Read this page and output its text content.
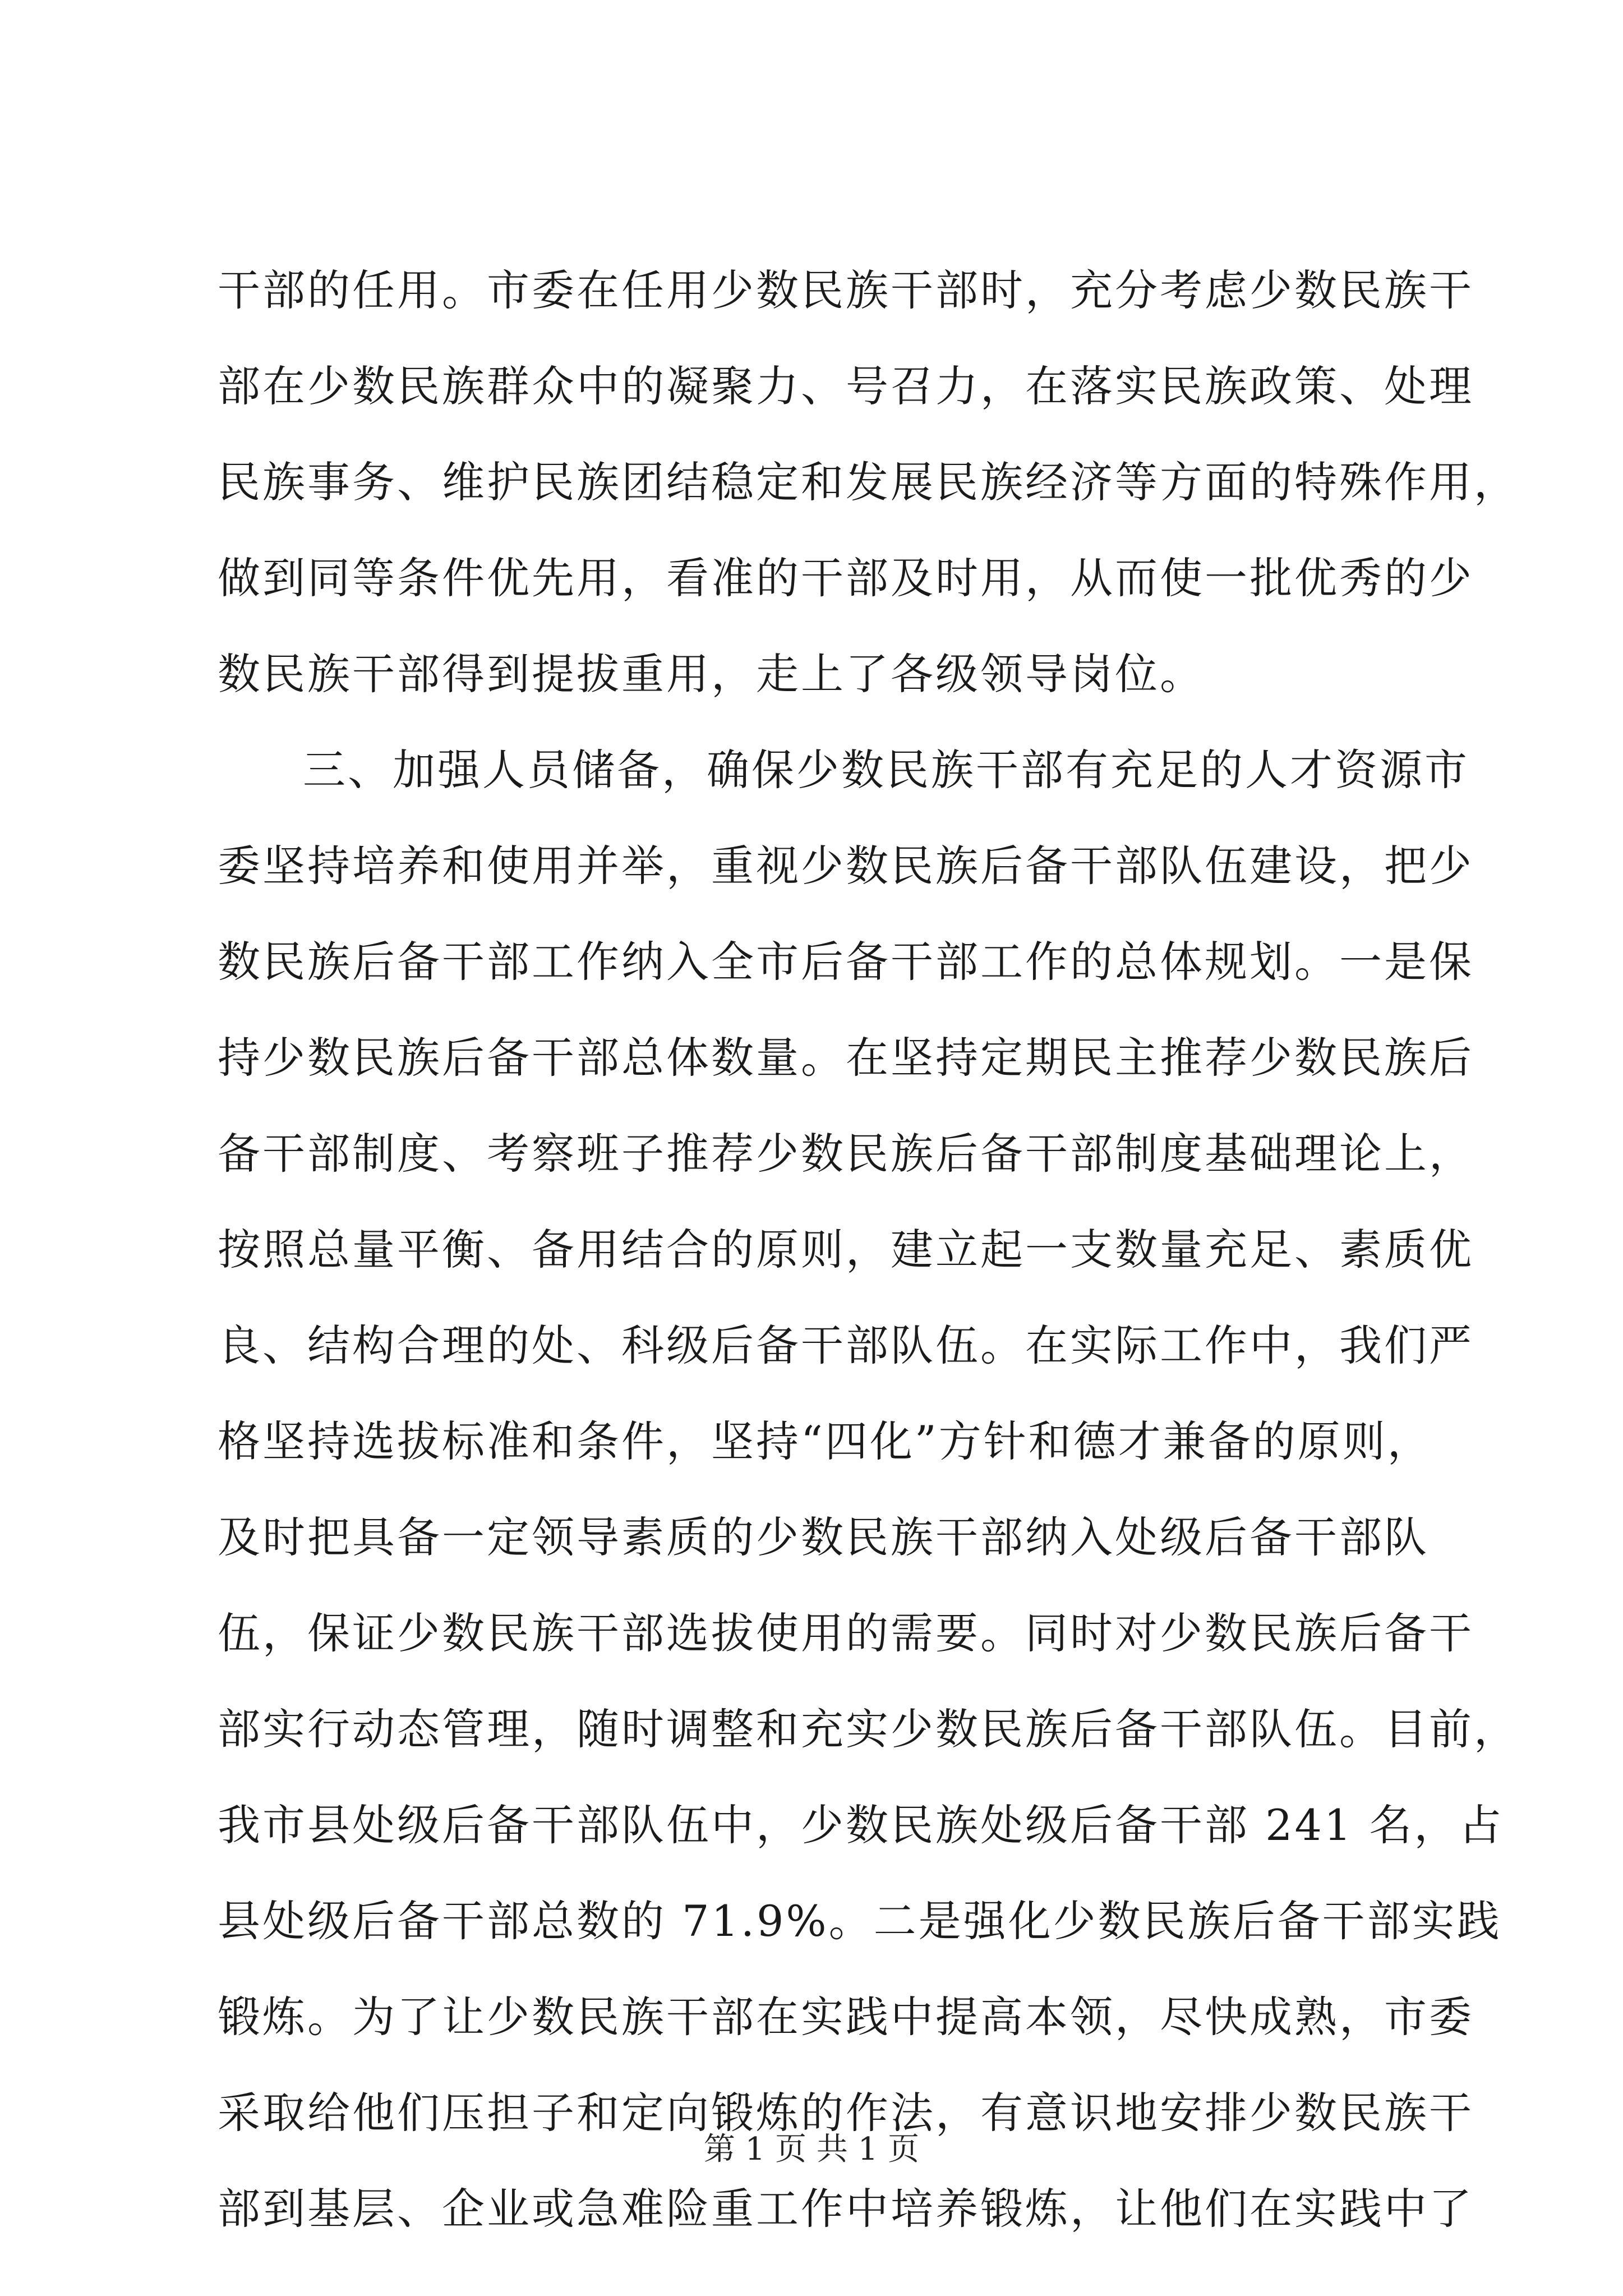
干部的任用。市委在任用少数民族干部时，充分考虑少数民族干
部在少数民族群众中的凝聚力、号召力，在落实民族政策、处理
民族事务、维护民族团结稳定和发展民族经济等方面的特殊作用，
做到同等条件优先用，看准的干部及时用，从而使一批优秀的少
数民族干部得到提拔重用，走上了各级领导岗位。
三、加强人员储备，确保少数民族干部有充足的人才资源市
委坚持培养和使用并举，重视少数民族后备干部队伍建设，把少
数民族后备干部工作纳入全市后备干部工作的总体规划。一是保
持少数民族后备干部总体数量。在坚持定期民主推荐少数民族后
备干部制度、考察班子推荐少数民族后备干部制度基础理论上，
按照总量平衡、备用结合的原则，建立起一支数量充足、素质优
良、结构合理的处、科级后备干部队伍。在实际工作中，我们严
格坚持选拔标准和条件，坚持“四化”方针和德才兼备的原则，
及时把具备一定领导素质的少数民族干部纳入处级后备干部队
伍，保证少数民族干部选拔使用的需要。同时对少数民族后备干
部实行动态管理，随时调整和充实少数民族后备干部队伍。目前，
我市县处级后备干部队伍中，少数民族处级后备干部 241 名，占
县处级后备干部总数的 71.9%。二是强化少数民族后备干部实践
锻炼。为了让少数民族干部在实践中提高本领，尽快成熟，市委
采取给他们压担子和定向锻炼的作法，有意识地安排少数民族干
部到基层、企业或急难险重工作中培养锻炼，让他们在实践中了
第 1 页 共 1 页
